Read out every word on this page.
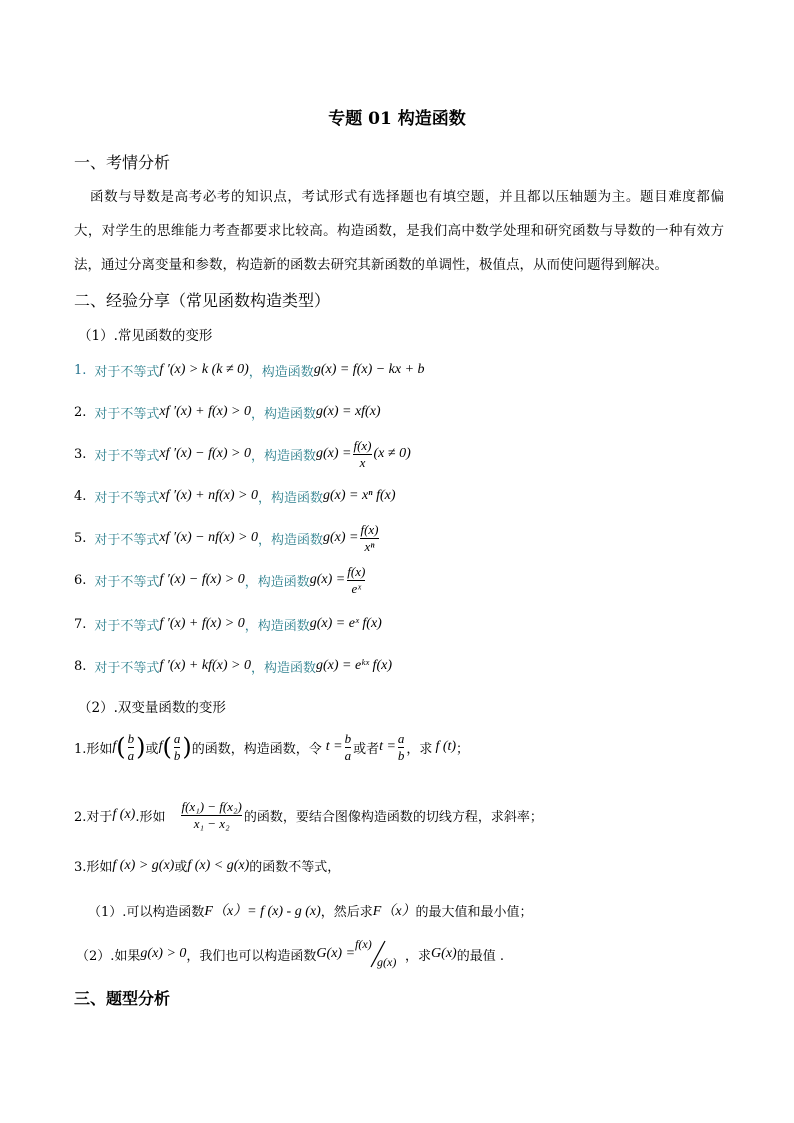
专题 01 构造函数
一、考情分析
函数与导数是高考必考的知识点，考试形式有选择题也有填空题，并且都以压轴题为主。题目难度都偏大，对学生的思维能力考查都要求比较高。构造函数，是我们高中数学处理和研究函数与导数的一种有效方法，通过分离变量和参数，构造新的函数去研究其新函数的单调性，极值点，从而使问题得到解决。
二、经验分享（常见函数构造类型）
（1）.常见函数的变形
1. 对于不等式 f ′(x) > k (k ≠ 0) ，构造函数 g(x) = f(x) − kx + b
2. 对于不等式 xf ′(x) + f(x) > 0 ，构造函数 g(x) = xf(x)
3. 对于不等式 xf ′(x) − f(x) > 0 ，构造函数 $g(x) = \frac{f(x)}{x} (x \ne 0)$
4. 对于不等式 xf ′(x) + nf(x) > 0 ，构造函数 g(x) = xⁿ f(x)
5. 对于不等式 xf ′(x) − nf(x) > 0 ，构造函数 $g(x) = \frac{f(x)}{\text{xⁿ}}$
6. 对于不等式 f ′(x) − f(x) > 0 ，构造函数 $g(x) = \frac{f(x)}{\text{eˣ}}$
7. 对于不等式 f ′(x) + f(x) > 0 ，构造函数 g(x) = eˣ f(x)
8. 对于不等式 f ′(x) + kf(x) > 0 ，构造函数 g(x) = eᵏˣ f(x)
（2）.双变量函数的变形
1.形如 f ( $\frac{b}{a}$ ) 或 f ( $\frac{a}{b}$ ) 的函数，构造函数，令 $t = \frac{b}{a}$ 或者 $t = \frac{a}{b}$ ，求 f (t) ；
2.对于 f (x) .形如 $\frac{\text{f(x₁) − f(x₂)}}{\text{x₁ − x₂}}$ 的函数，要结合图像构造函数的切线方程，求斜率；
3.形如 f (x) > g(x) 或 f (x) < g(x) 的函数不等式，
（1）.可以构造函数 F（x）= f (x) - g (x) ，然后求 F（x） 的最大值和最小值；
（2）.如果 g(x) > 0 ，我们也可以构造函数 G(x) =
f(x)
g(x) ，求 G(x) 的最值 .
三、题型分析
